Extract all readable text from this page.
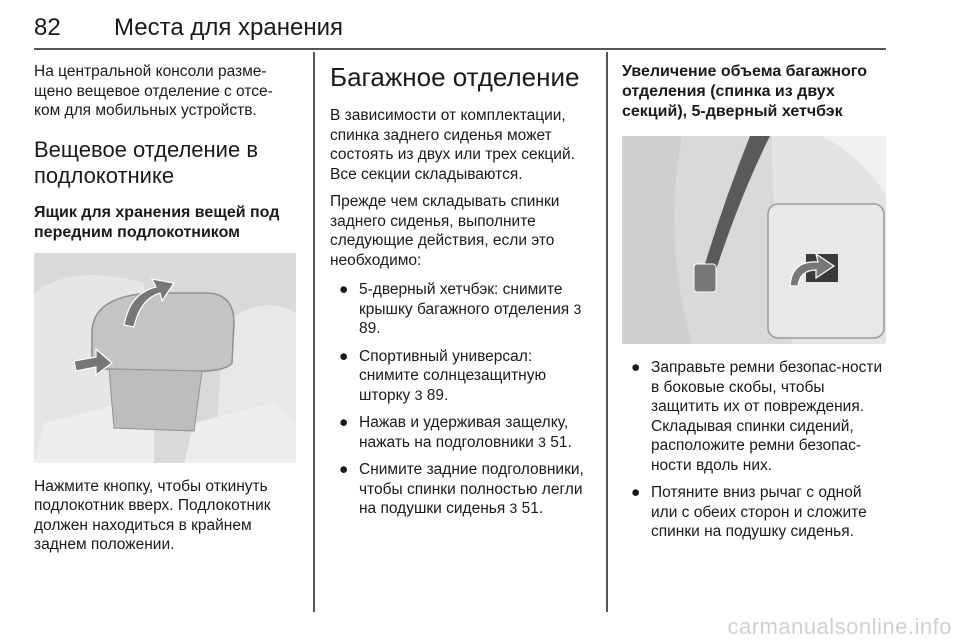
82 Места для хранения

На центральной консоли разме-щено вещевое отделение с отсе-ком для мобильных устройств.

Вещевое отделение в подлокотнике
Ящик для хранения вещей под передним подлокотником

Нажмите кнопку, чтобы откинуть подлокотник вверх. Подлокотник должен находиться в крайнем заднем положении.

Багажное отделение

В зависимости от комплектации, спинка заднего сиденья может состоять из двух или трех секций. Все секции складываются.

Прежде чем складывать спинки заднего сиденья, выполните следующие действия, если это необходимо:

● 5-дверный хетчбэк: снимите крышку багажного отделения 3 89.
● Спортивный универсал: снимите солнцезащитную шторку 3 89.
● Нажав и удерживая защелку, нажать на подголовники 3 51.
● Снимите задние подголовники, чтобы спинки полностью легли на подушки сиденья 3 51.
Увеличение объема багажного отделения (спинка из двух секций), 5-дверный хетчбэк
● Заправьте ремни безопас-ности в боковые скобы, чтобы защитить их от повреждения. Складывая спинки сидений, расположите ремни безопас-ности вдоль них.
● Потяните вниз рычаг с одной или с обеих сторон и сложите спинки на подушку сиденья.
carmanualsonline.info
